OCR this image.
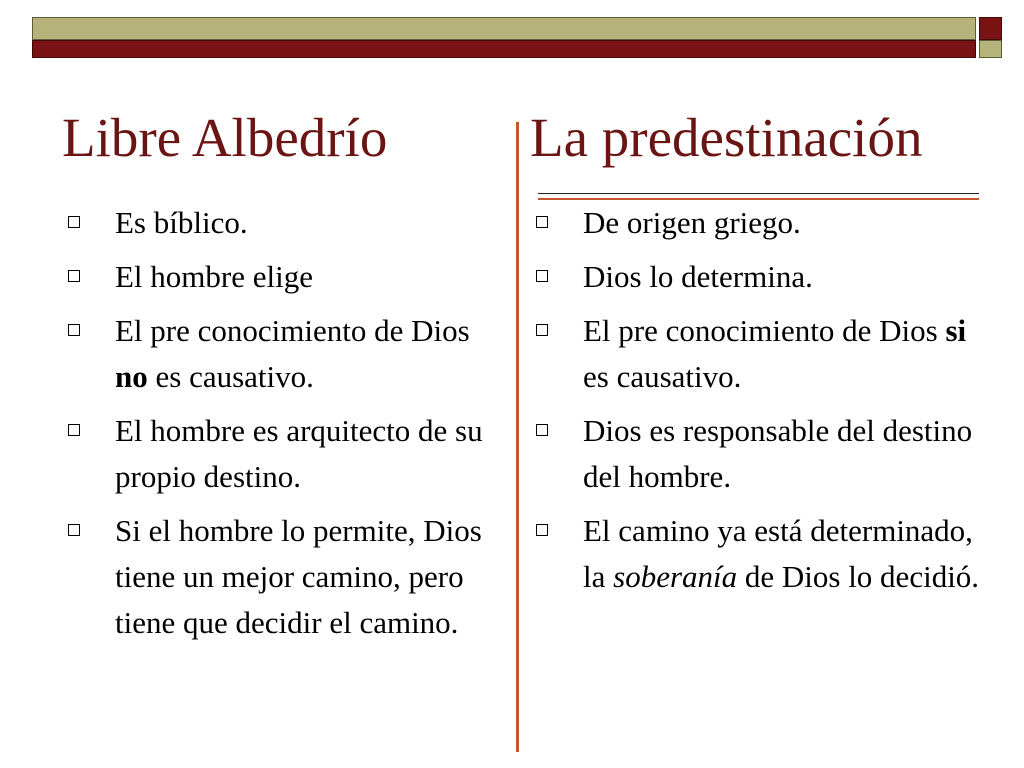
Libre Albedrío	La predestinación
Es bíblico.
El hombre elige
El pre conocimiento de Dios no es causativo.
El hombre es arquitecto de su propio destino.
Si el hombre lo permite, Dios tiene un mejor camino, pero tiene que decidir el camino.
De origen griego.
Dios lo determina.
El pre conocimiento de Dios si es causativo.
Dios es responsable del destino del hombre.
El camino ya está determinado, la soberanía de Dios lo decidió.
